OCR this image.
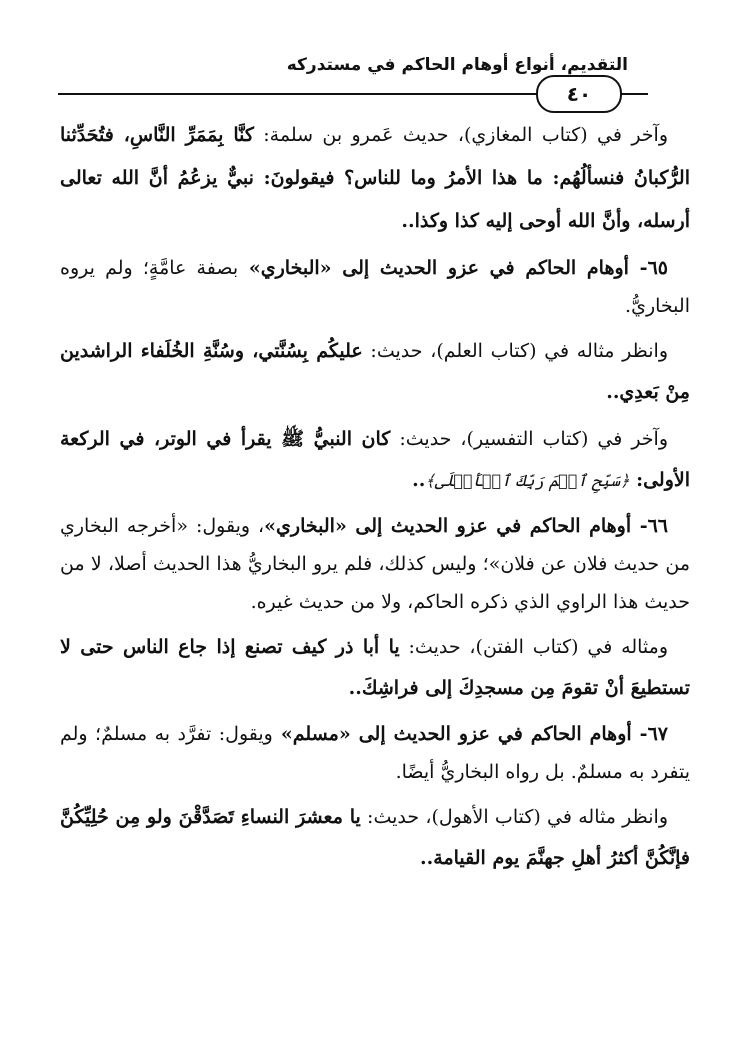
التقديم، أنواع أوهام الحاكم في مستدركه
٤٠

وآخر في (كتاب المغازي)، حديث عَمرو بن سلمة: كنَّا بِمَمَرِّ النَّاسِ، فتُحَدِّثنا الرُّكبانُ فنسألُهُم: ما هذا الأمرُ وما للناس؟ فيقولونَ: نبيٌّ يزعُمُ أنَّ الله تعالى أرسله، وأنَّ الله أوحى إليه كذا وكذا..

٦٥- أوهام الحاكم في عزو الحديث إلى «البخاري» بصفة عامَّةٍ؛ ولم يروه البخاريُّ.

وانظر مثاله في (كتاب العلم)، حديث: عليكُم بِسُنَّتي، وسُنَّةِ الخُلَفاء الراشدين مِنْ بَعدِي..

وآخر في (كتاب التفسير)، حديث: كان النبيُّ ﷺ يقرأ في الوتر، في الركعة الأولى: ﴿سَبِّحِ ٱسۡمَ رَبِّكَ ٱلۡأَعۡلَى﴾..

٦٦- أوهام الحاكم في عزو الحديث إلى «البخاري»، ويقول: «أخرجه البخاري من حديث فلان عن فلان»؛ وليس كذلك، فلم يرو البخاريُّ هذا الحديث أصلا، لا من حديث هذا الراوي الذي ذكره الحاكم، ولا من حديث غيره.

ومثاله في (كتاب الفتن)، حديث: يا أبا ذر كيف تصنع إذا جاع الناس حتى لا تستطيعَ أنْ تقومَ مِن مسجدِكَ إلى فراشِكَ..

٦٧- أوهام الحاكم في عزو الحديث إلى «مسلم» ويقول: تفرَّد به مسلمٌ؛ ولم يتفرد به مسلمٌ. بل رواه البخاريُّ أيضًا.

وانظر مثاله في (كتاب الأهول)، حديث: يا معشرَ النساءِ تَصَدَّقْنَ ولو مِن حُلِيِّكُنَّ فإنَّكُنَّ أكثرُ أهلِ جهنَّمَ يوم القيامة..
